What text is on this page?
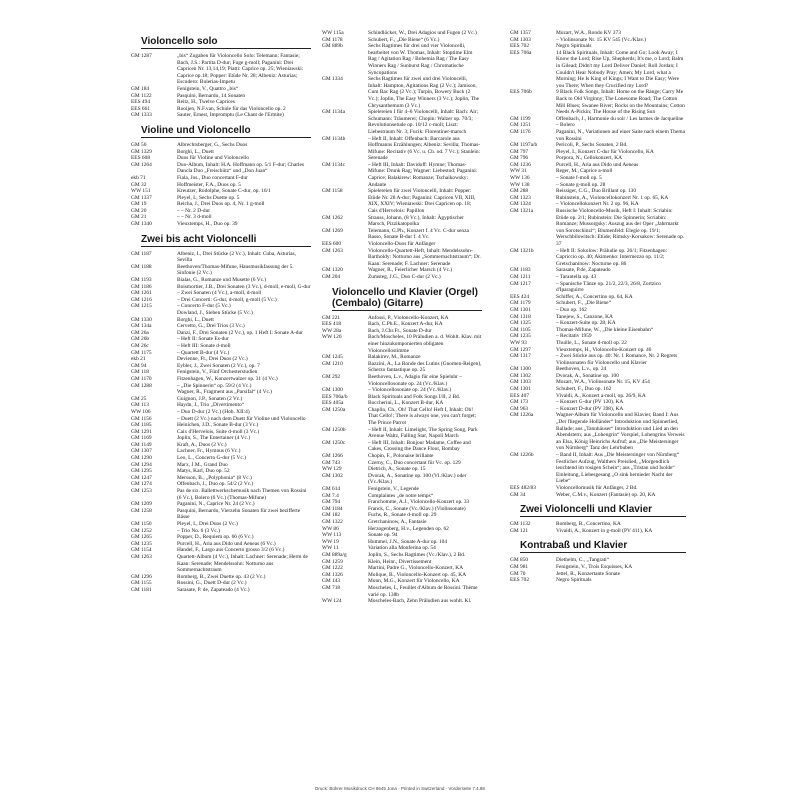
Violoncello solo
GM 1287	„bis“ Zugaben für Violoncello Solo: Telemann: Fantasie; Bach, J.S.: Partita D-dur; Fuge g-moll; Paganini: Drei Capricen Nr. 13,14,19; Piatti: Caprice op. 25; Wieniawski: Caprice op.18; Popper: Etüde Nr. 28; Albeniz: Asturias; Escudero: Bulerias-Impetu
GM 184	Fenigstein, V., Quattro „bis“
GM 1122	Pasquini, Bernardo, 14 Sonaten
EES 494	Reitz, H., Twelve Caprices
EES 661	Rooijen, N.F.van, Schule für das Violoncello op. 2
GM 1333	Sauter, Ernest, Impromptu (Le Chant de l'Ermite)
Violine und Violoncello
GM 56	Albrechtsberger, G., Sechs Duos
GM 1329	Borghi, L., Duett
EES 608	Duos für Violine und Violoncello
GM 1264	Duo-Album, Inhalt: H.A. Hoffmann op. 5/1 F-dur; Charles Dancla Duo „Freischütz“ und „Don Juan“
ekb 71	Fiala, Jos., Duo concertant F-dur
GM 32	Hoffmeister, F.A., Duos op. 5
WW 151	Kreutzer, Rodolphe, Sonate C-dur, op. 16/1
GM 1337	Pleyel, I., Sechs Duette op. 5
GM 19	Reicha, J., Drei Duos op. 4, Nr. 1 g-moll
GM 20	– – Nr. 2 D-dur
GM 21	– – Nr. 3 d-moll
GM 1340	Vieuxtemps, H., Duo op. 39
Zwei bis acht Violoncelli
GM 1187	Albeniz, I., Drei Stücke (2 Vc.), Inhalt: Cuba, Asturias, Sevilla
GM 1188	Beethoven/Thomas-Mifune, Hausmusikfassung der 5. Sinfonie (2 Vc.)
GM 1193	Bialas, G., Romanze und Musette (6 Vc.)
GM 1186	Boismortier, J.B., Drei Sonaten (3 Vc.), d-moll, e-moll, G-dur
GM 1261	– Zwei Sonaten (4 Vc.), a-moll, d-moll
GM 1216	– Drei Concerti: G-dur, d-moll, g-moll (5 Vc.)
GM 1215	– Concerto F-dur (5 Vc.)
Dowland, J., Sieben Stücke (5 Vc.)
GM 1330	Borghi, L., Duett
GM 134a	Cervetto, G., Drei Trios (3 Vc.)
GM 26a	Danzi, F., Drei Sonaten (2 Vc.), op. 1 Heft I: Sonate A-dur
GM 26b	– Heft II: Sonate Es-dur
GM 26c	– Heft III: Sonate d-moll
GM 1175	– Quartett B-dur (4 Vc.)
ekb 21	Devienne, Fr., Drei Duos (2 Vc.)
GM 94	Eybler, J., Zwei Sonaten (2 Vc.), op. 7
GM 118	Fenigstein, V., Fünf Orchesterstudien
GM 1170	Fitzenhagen, W., Konzertwalzer op. 31 (4 Vc.)
GM 1288	– „Die Spinnerin“ op. 59/2 (4 Vc.)
Wagner, R., Fragment aus „Parsifal“ (4 Vc.)
GM 25	Guignon, J.P., Sonaten (2 Vc.)
GM 113	Haydn, J., Trio „Divertimento“
WW 106	– Duo D-dur (2 Vc.) (Hob. XII:4)
GM 1156	– Duett (2 Vc.) nach dem Duett für Violine und Violoncello
GM 1185	Heinichen, J.D., Sonate B-dur (3 Vc.)
GM 1291	Caix d'Hervelois, Suite d-moll (3 Vc.)
GM 1169	Joplin, S., The Entertainer (4 Vc.)
GM 1149	Kraft, A., Duos (2 Vc.)
GM 1307	Lachner, Fr., Hymnus (6 Vc.)
GM 1290	Leo, L., Concerto G-dur (5 Vc.)
GM 1294	Marx, J.M., Grand Duo
GM 1295	Matys, Karl, Duo op. 52
GM 1247	Mersson, B., „Polyphonia“ (8 Vc.)
GM 1274	Offenbach, J., Duo op. 54/2 (2 Vc.)
GM 1253	Pas de six. Ballettwerkschemusik nach Themen von Rossini (6 Vc.), Bolero (6 Vc.) (Thomas-Mifune)
GM 1209	Paganini, N., Caprice Nr. 24 (2 Vc.)
GM 1258	Pasquini, Bernardo, Vierzehn Sonaten für zwei bezifferte Bässe
GM 1150	Pleyel, I., Drei Duos (2 Vc.)
GM 1252	– Trio No. 6 (3 Vc.)
GM 1265	Popper, D., Requiem op. 66 (6 Vc.)
GM 1235	Purcell, H., Aria aus Dido und Aeneas (6 Vc.)
GM 1154	Handel, F., Largo aus Concerto grosso 3/2 (6 Vc.)
GM 1263	Quartett-Album (4 Vc.), Inhalt: Lachner: Serenade; Herm de Kaan: Serenade; Mendelssohn: Notturno aus Sommernachtstraum
GM 1296	Romberg, B., Zwei Duette op. 43 (2 Vc.)
GM 1155	Rossini, G., Duett D-dur (2 Vc.)
GM 1181	Sarasate, P. de, Zapateado (4 Vc.)
WW 115a	Schindlöcker, W., Drei Adagios und Fugen (2 Vc.)
GM 1178	Schubert, F., „Die Biene“ (6 Vc.)
GM 889b	Sechs Ragtimes für drei und vier Violoncelli, bearbeitet von W. Thomas, Inhalt: Stoptime Elm Rag / Agitation Rag / Bohemia Rag / The Easy Winners Rag / Sunburst Rag / Chromatische Syncopations
GM 1334	Sechs Ragtimes für zwei und drei Violoncelli, Inhalt: Hampton, Agitations Rag (2 Vc.); Jamison, Cum Bac Rag (2 Vc.); Turpin, Bowery Buck (2 Vc.); Joplin, The Easy Winners (3 Vc.); Joplin, The Chrysanthemum (3 Vc.)
GM 1134a	Spielereien I für 4–6 Violoncelli, Inhalt: Bach: Air; Schumann: Träumerei; Chopin: Walzer op. 70/3; Revolutionsetude op. 10/12 c-moll; Liszt: Liebestraum Nr. 3; Fucik: Florentiner-marsch
GM 1134b	– Heft II, Inhalt: Offenbach: Barcarole aus Hoffmanns Erzählungen; Albeniz: Sevilla; Thomas-Mifune: Recitativ (6 Vc. u. Cb. od. 7 Vc.); Stanlein: Serenade
GM 1134c	– Heft III, Inhalt: Davidoff: Hymne; Thomas-Mifune: Drunk Rag; Wagner: Liebestod; Paganini: Caprice; Balakirew: Romanze; Tschaikowsky: Andante
GM 1158	Spielereien für zwei Violoncelli, Inhalt: Popper: Etüde Nr. 28 A-dur; Paganini: Capricen VII, XIII, XIX, XXIV; Wieniawski: Drei Capricen op. 18; Cais d'Hervelois: Papillon
GM 1262	Strauss, Johann, (8 Vc.), Inhalt: Ägyptischer Marsch, Pizzikatopolka
GM 1269	Telemann, G.Ph., Konzert f. 4 Vc. C-dur senza Basso, Sonate B-dur f. 4 Vc.
EES 600	Violoncello-Duos für Anfänger
GM 1263	Violoncello-Quartett-Heft, Inhalt: Mendelssohn-Bartholdy: Notturno aus „Sommernachtstraum“; Dr. Kaan: Serenade; F. Lachner: Serenade
GM 1320	Wagner, R., Feierlicher Marsch (4 Vc.)
GM 204	Zumsteg, J.G., Duo C-dur (2 Vc.)
Violoncello und Klavier (Orgel) (Cembalo) (Gitarre)
GM 221	Anfossi, P., Violoncello-Konzert, KA
EES 418	Bach, C.Ph.E., Konzert A-dur, KA
WW 28a	Bach, J.Chr.Fr., Sonate D-dur
WW 126	Bach/Moscheles, 10 Präludien a. d. Wohlt. Klav. mit einer hinzukomponierten obligaten Violoncellostimme
GM 1245	Balakirev, M., Romanze
GM 1210	Bazzini, A., La Ronde des Lutins (Gnomen-Reigen), Scherzo fantastique op. 25
GM 292	Beethoven, L.v., Adagio für eine Spieluhr – Violoncellosonate op. 24 (Vc./Klav.)
GM 1300	– Violoncellosonate op. 24 (Vc./Klav.)
EES 706a/b	Black Spirituals and Folk Songs I/II, 2 Bd.
EES 405a	Boccherini, L., Konzert B-dur, KA
GM 1250a	Chaplin, Ch., Oh! That Cello! Heft I, Inhalt: Oh! That Cello!; There is always one, you can't forget; The Prince Parrot
GM 1250b	– Heft II, Inhalt: Limelight, The Spring Song, Park Avenue Waltz, Falling Star, Napoli March
GM 1250c	– Heft III, Inhalt: Bonjour Madame, Coffee and Cakes, Crossing the Dance Floor, Bombay
GM 1266	Chopin, F., Polonaise brillante
GM 743	Czerny, C., Duo concertant für Vc. op. 129
WW 129	Dietrich, A., Sonate op. 15
GM 1302	Dvorak, A., Sonatine op. 100 (Vl./Klav.) oder (Vc./Klav.)
GM 614	Fenigstein, V., Legende
GM 7.4	Complaintes „de notre temps“
GM 794	Franchomme, A.J., Violoncello-Konzert op. 33
GM 1184	Franck, C., Sonate (Vc./Klav.) (Violinsonate)
GM 182	Fuchs, R., Sonate d-moll op. 29
GM 1322	Gretchaninow, A., Fantasie
WW 86	Herzogenberg, H.v., Legenden op. 62
WW 113	Sonate op. 94
WW 19	Hummel, J.N., Sonate A-dur op. 104
WW 11	Variation alla Monferina op. 54
GM 889a/g	Joplin, S., Sechs Ragtimes (Vc./Klav.), 2 Bd.
GM 1259	Klein, Heinr., Divertissement
GM 1222	Martini, Padre G., Violoncello-Konzert, KA
GM 1326	Molique, B., Violoncello-Konzert op. 45, KA
GM 143	Monn, M.G., Konzert für Violoncello, KA
GM 718	Moscheles, I., Feuillet d'Album de Rossini. Thème varié op. 138b
WW 124	Moscheles-Bach, Zehn Präludien aus wohlt. Kl.
GM 1357	Mozart, W.A., Rondo KV 373
GM 1303	– Violinsonate Nr. 15 KV 545 (Vc./Klav.)
EES 702	Negro Spirituals
EES 706a	14 Black Spirituals, Inhalt: Come and Go; Look Away; I Know the Lord; Rise Up, Shepherds; It's me, o Lord; Balm in Gilead; Didn't my Lord Deliver Daniel; Roll Jordan; I Couldn't Hear Nobody Pray; Amen; My Lord, what a Morning; He Is King of Kings; I Want to Die Easy; Were you There; When they Crucified my Lord?
EES 706b	9 Black Folk Songs, Inhalt: Home on the Range; Carry Me Back to Old Virginny; The Lonesome Road; The Cotton Mill Blues; Swanee River; Rocks on the Mountains; Cotton Needs A-Pickin; The House of the Rising Sun
GM 1199	Offenbach, J., Harmonie du soir / Les larmes de Jacqueline
GM 1251	– Bolero
GM 1176	Paganini, N., Variationen auf einer Saite nach einem Thema von Rossini
GM 1197a/b	Pericoli, P., Sechs Sonaten, 2 Bd.
GM 797	Pleyel, I., Konzert C-dur für Violoncello, KA
GM 796	Porpora, N., Cellokonzert, KA
GM 1236	Purcell, H., Aria aus Dido und Aeneas
WW 31	Reger, M., Caprice a-moll
WW 136	– Sonate f-moll op. 5
WW 138	– Sonate g-moll op. 28
GM 288	Reissiger, C.G., Duo Brillant op. 130
GM 1323	Rubinstein, A., Violoncellokonzert Nr. 1 op. 65, KA
GM 1324	– Violoncellokonzert Nr. 2 op. 96, KA
GM 1321a	Russische Violoncello-Musik, Heft I: Inhalt: Scriabin: Etüde op. 2/1; Rubinstein: Die Spinnerin; Scriabin: Romanze; Mussorgsky: Auszug aus der Oper „Jahrmarkt von Sorotschinzi“; Blumenfeld: Elegie op. 19/1; Werschbilowitsch: Etüde; Rimsky-Korsakow: Serenade op. 37
GM 1321b	– Heft II: Sokolow: Präludie op. 26/1; Fitzenhagen: Capriccio op. 40; Akimenko: Intermezzo op. 11/2; Gretschaninow: Nocturne op. 86
GM 1183	Sarasate, P.de, Zapateado
GM 1211	– Tarantella op. 43
GM 1217	– Spanische Tänze op. 21/2, 22/3, 26/8, Zortzico d'Iparaguirre
EES 424	Schiffer, A., Concertino op. 64, KA
GM 1179	Schubert, F., „Die Biene“
GM 1301	– Duo op. 162
GM 1318	Tanejew, S., Canzone, KA
GM 1325	– Konzert-Suite op. 28, KA
GM 1105	Thomas-Mifune, W., „Die kleine Eisenbahn“
GM 1235	– Recitativ 1959
WW 93	Thuille, L., Sonate d-moll op. 22
GM 1297	Vieuxtemps, H., Violoncello-Konzert op. 46
GM 1317	– Zwei Stücke aus op. 40: Nr. 1 Romance, Nr. 2 Regrets
Violinsonaten für Violoncello und Klavier
GM 1300	Beethoven, L.v., op. 24
GM 1302	Dvorak, A., Sonatine op. 100
GM 1303	Mozart, W.A., Violinsonate Nr. 15, KV 454
GM 1301	Schubert, F., Duo op. 162
EES 407	Vivaldi, A., Konzert a-moll, op. 26/9, KA
GM 173	– Konzert G-dur (PV 120), KA
GM 963	– Konzert D-dur (PV 398), KA
GM 1226a	Wagner-Album für Violoncello und Klavier, Band I: Aus „Der fliegende Holländer“ Introduktion und Spinnerlied, Ballade; aus „Tannhäuser“ Introduktion und Lied an den Abendstern; aus „Lohengrin“ Vorspiel, Lohengrins Verweis an Elsa, König Heinrichs Aufruf; aus „Die Meistersinger von Nürnberg“ Tanz der Lehrbuben
GM 1226b	– Band II, Inhalt: Aus „Die Meistersinger von Nürnberg“ Festlicher Aufzug, Walthers Preislied, „Morgendlich leuchtend im rosigen Schein“; aus „Tristan und Isolde“ Einleitung, Liebesgesang „O sink hernieder Nacht der Liebe“
EES 482/83	Violoncellomusik für Anfänger, 2 Bd.
GM 34	Weber, C.M.v., Konzert (Fantasie) op. 20, KA
Zwei Violoncelli und Klavier
GM 1132	Romberg, B., Concertino, KA
GM 121	Vivaldi, A., Konzert in g-moll (PV 411), KA
Kontrabaß und Klavier
GM 850	Diethelm, C., „Tangrati“
GM 981	Fenigstein, V., Trois Esquisses, KA
GM 70	Jettel, R., Konzertante Sonate
EES 702	Negro Spirituals
Druck: Bührer Musikdruck CH 8645 Jona · Printed in Switzerland · Vorderseite 7.4.88
